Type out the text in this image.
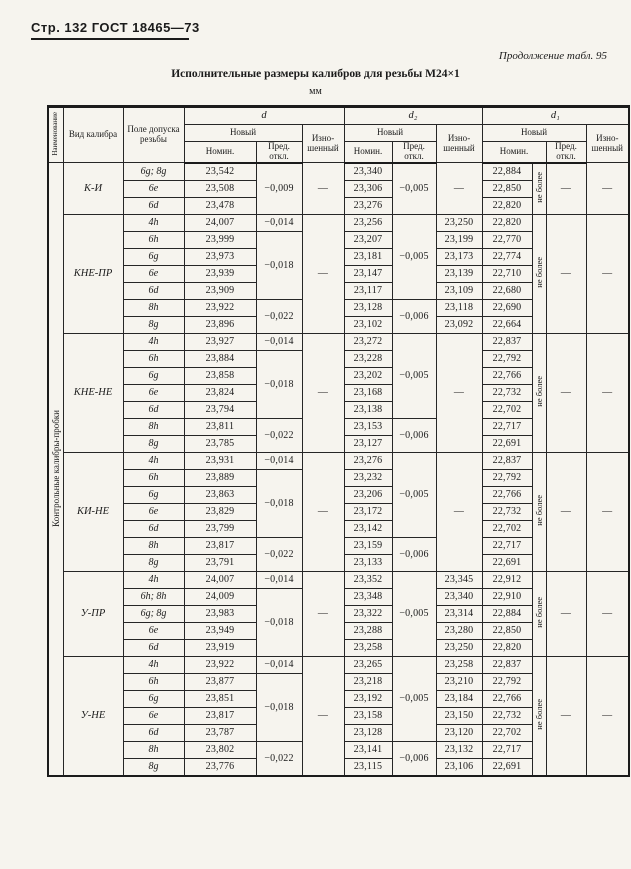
Стр. 132 ГОСТ 18465—73
Продолжение табл. 95
Исполнительные размеры калибров для резьбы М24×1
мм
Наименование	Вид калибра	Поле допуска резьбы	d			d₂			d₁			
			Новый		Изношенный	Новый		Изношенный	Новый			Изношенный
			Номин.	Пред. откл.		Номин.	Пред. откл.		Номин.		Пред. откл.	
Контрольные калибры-пробки	К-И	6g; 8g	23,542	−0,009	—	23,340	−0,005	—	22,884	не более	—	—
		6e	23,508			23,306			22,850			
		6d	23,478			23,276			22,820			
	КНЕ-ПР	4h	24,007	−0,014	—	23,256	−0,005	23,250	22,820	не более	—	—
		6h	23,999	−0,018		23,207		23,199	22,770			
		6g	23,973			23,181		23,173	22,774			
		6e	23,939			23,147		23,139	22,710			
		6d	23,909			23,117		23,109	22,680			
		8h	23,922	−0,022		23,128	−0,006	23,118	22,690			
		8g	23,896			23,102		23,092	22,664			
	КНЕ-НЕ	4h	23,927	−0,014	—	23,272	−0,005	—	22,837	не более	—	—
		6h	23,884	−0,018		23,228			22,792			
		6g	23,858			23,202			22,766			
		6e	23,824			23,168			22,732			
		6d	23,794			23,138			22,702			
		8h	23,811	−0,022		23,153	−0,006		22,717			
		8g	23,785			23,127			22,691			
	КИ-НЕ	4h	23,931	−0,014	—	23,276	−0,005	—	22,837	не более	—	—
		6h	23,889	−0,018		23,232			22,792			
		6g	23,863			23,206			22,766			
		6e	23,829			23,172			22,732			
		6d	23,799			23,142			22,702			
		8h	23,817	−0,022		23,159	−0,006		22,717			
		8g	23,791			23,133			22,691			
	У-ПР	4h	24,007	−0,014	—	23,352	−0,005	23,345	22,912	не более	—	—
		6h; 8h	24,009	−0,018		23,348		23,340	22,910			
		6g; 8g	23,983			23,322		23,314	22,884			
		6e	23,949			23,288		23,280	22,850			
		6d	23,919			23,258		23,250	22,820			
	У-НЕ	4h	23,922	−0,014	—	23,265	−0,005	23,258	22,837	не более	—	—
		6h	23,877	−0,018		23,218		23,210	22,792			
		6g	23,851			23,192		23,184	22,766			
		6e	23,817			23,158		23,150	22,732			
		6d	23,787			23,128		23,120	22,702			
		8h	23,802	−0,022		23,141	−0,006	23,132	22,717			
		8g	23,776			23,115		23,106	22,691			
